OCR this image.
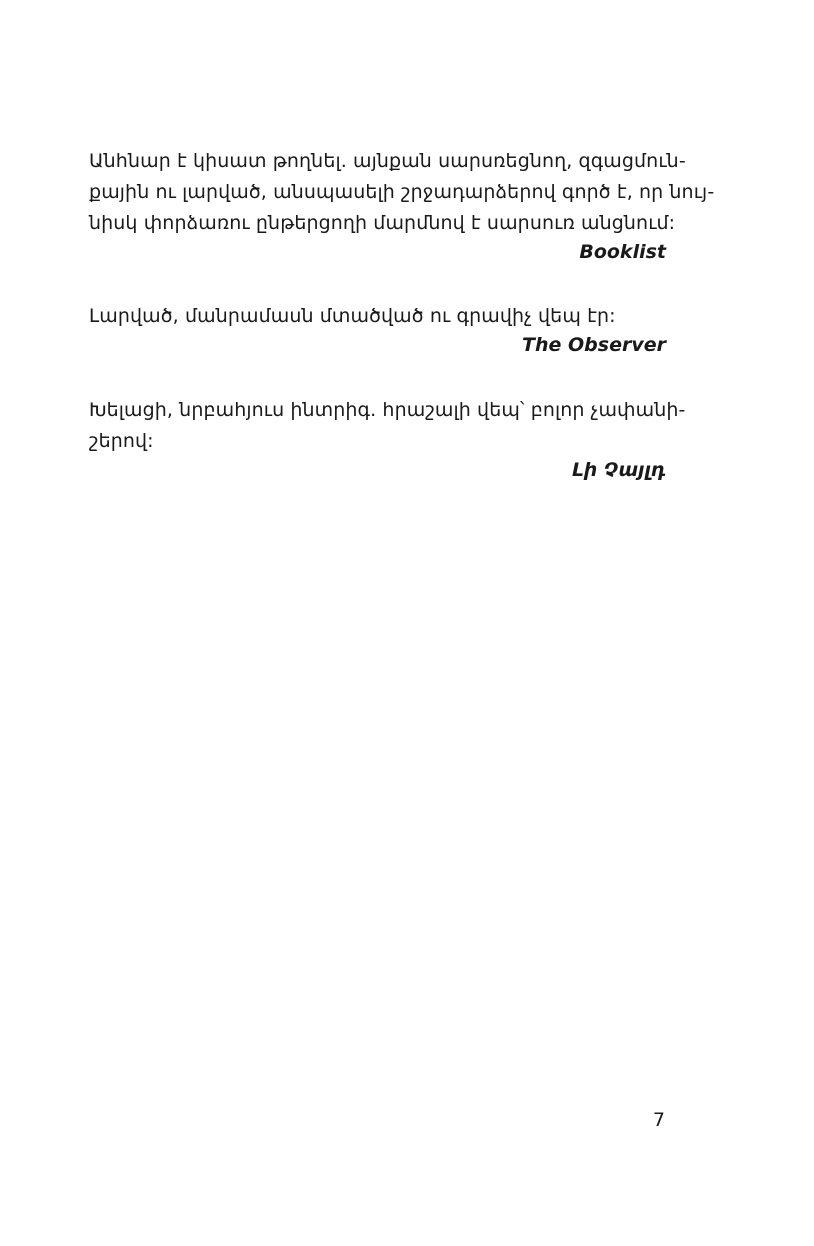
Անհնար է կիսատ թողնել. այնքան սարսռեցնող, զգացմուն-
քային ու լարված, անսպասելի շրջադարձերով գործ է, որ նույ-
նիսկ փորձառու ընթերցողի մարմնով է սարսուռ անցնում:
Booklist
Լարված, մանրամասն մտածված ու գրավիչ վեպ էր:
The Observer
Խելացի, նրբահյուս ինտրիգ. հրաշալի վեպ՝ բոլոր չափանի-
շերով:
Լի Չայլդ
7
